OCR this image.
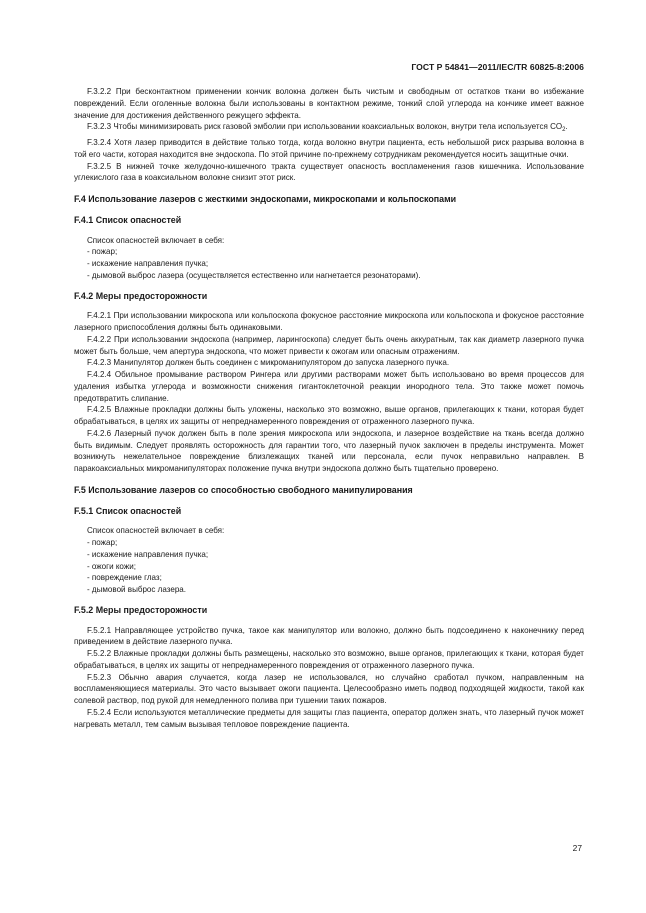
ГОСТ Р 54841—2011/IEC/TR 60825-8:2006

F.3.2.2 При бесконтактном применении кончик волокна должен быть чистым и свободным от остатков ткани во избежание повреждений. Если оголенные волокна были использованы в контактном режиме, тонкий слой углерода на кончике имеет важное значение для достижения действенного режущего эффекта.

F.3.2.3 Чтобы минимизировать риск газовой эмболии при использовании коаксиальных волокон, внутри тела используется $CO_2$.

F.3.2.4 Хотя лазер приводится в действие только тогда, когда волокно внутри пациента, есть небольшой риск разрыва волокна в той его части, которая находится вне эндоскопа. По этой причине по-прежнему сотрудникам рекомендуется носить защитные очки.

F.3.2.5 В нижней точке желудочно-кишечного тракта существует опасность воспламенения газов кишечника. Использование углекислого газа в коаксиальном волокне снизит этот риск.

F.4 Использование лазеров с жесткими эндоскопами, микроскопами и кольпоскопами
F.4.1 Список опасностей

Список опасностей включает в себя:

- пожар;

- искажение направления пучка;

- дымовой выброс лазера (осуществляется естественно или нагнетается резонаторами).

F.4.2 Меры предосторожности

F.4.2.1 При использовании микроскопа или кольпоскопа фокусное расстояние микроскопа или кольпоскопа и фокусное расстояние лазерного приспособления должны быть одинаковыми.

F.4.2.2 При использовании эндоскопа (например, ларингоскопа) следует быть очень аккуратным, так как диаметр лазерного пучка может быть больше, чем апертура эндоскопа, что может привести к ожогам или опасным отражениям.

F.4.2.3 Манипулятор должен быть соединен с микроманипулятором до запуска лазерного пучка.

F.4.2.4 Обильное промывание раствором Рингера или другими растворами может быть использовано во время процессов для удаления избытка углерода и возможности снижения гигантоклеточной реакции инородного тела. Это также может помочь предотвратить слипание.

F.4.2.5 Влажные прокладки должны быть уложены, насколько это возможно, выше органов, прилегающих к ткани, которая будет обрабатываться, в целях их защиты от непреднамеренного повреждения от отраженного лазерного пучка.

F.4.2.6 Лазерный пучок должен быть в поле зрения микроскопа или эндоскопа, и лазерное воздействие на ткань всегда должно быть видимым. Следует проявлять осторожность для гарантии того, что лазерный пучок заключен в пределы инструмента. Может возникнуть нежелательное повреждение близлежащих тканей или персонала, если пучок неправильно направлен. В паракоаксиальных микроманипуляторах положение пучка внутри эндоскопа должно быть тщательно проверено.

F.5 Использование лазеров со способностью свободного манипулирования
F.5.1 Список опасностей

Список опасностей включает в себя:

- пожар;

- искажение направления пучка;

- ожоги кожи;

- повреждение глаз;

- дымовой выброс лазера.

F.5.2 Меры предосторожности

F.5.2.1 Направляющее устройство пучка, такое как манипулятор или волокно, должно быть подсоединено к наконечнику перед приведением в действие лазерного пучка.

F.5.2.2 Влажные прокладки должны быть размещены, насколько это возможно, выше органов, прилегающих к ткани, которая будет обрабатываться, в целях их защиты от непреднамеренного повреждения от отраженного лазерного пучка.

F.5.2.3 Обычно авария случается, когда лазер не использовался, но случайно сработал пучком, направленным на воспламеняющиеся материалы. Это часто вызывает ожоги пациента. Целесообразно иметь подвод подходящей жидкости, такой как солевой раствор, под рукой для немедленного полива при тушении таких пожаров.

F.5.2.4 Если используются металлические предметы для защиты глаз пациента, оператор должен знать, что лазерный пучок может нагревать металл, тем самым вызывая тепловое повреждение пациента.

27
